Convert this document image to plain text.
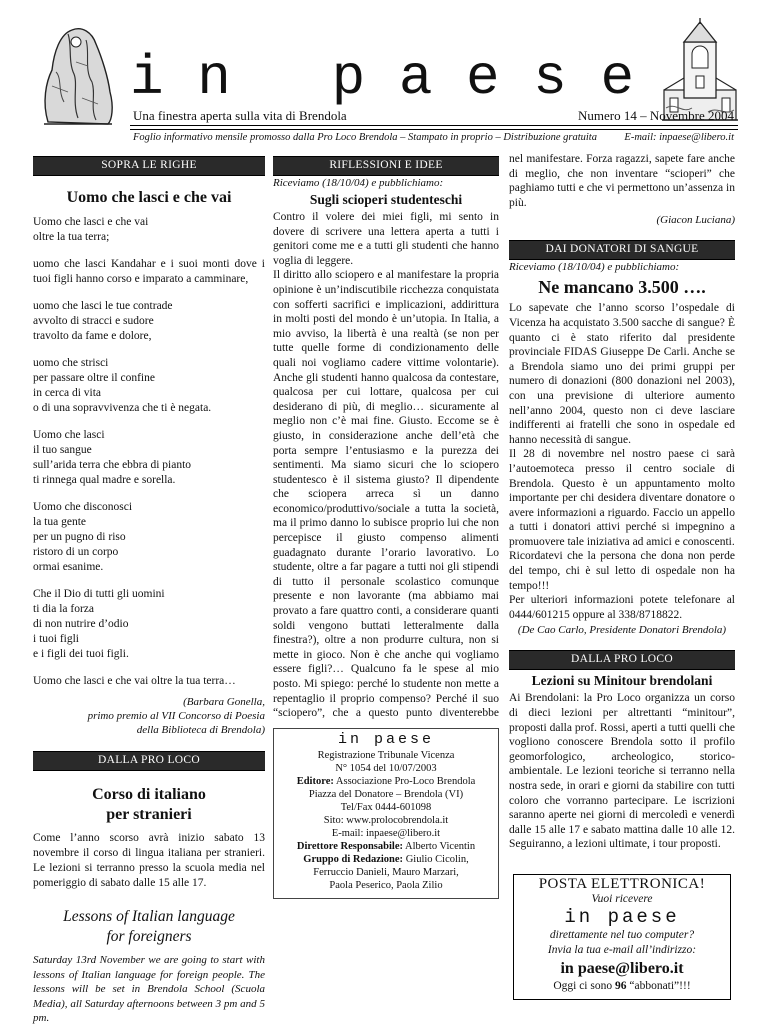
i n   p a e s e
Una finestra aperta sulla vita di Brendola	Numero 14 – Novembre 2004
Foglio informativo mensile promosso dalla Pro Loco Brendola – Stampato in proprio – Distribuzione gratuita	E-mail: inpaese@libero.it
SOPRA LE RIGHE
Uomo che lasci e che vai
Uomo che lasci e che vai
oltre la tua terra;
uomo che lasci Kandahar e i suoi monti dove i tuoi figli hanno corso e imparato a camminare,
uomo che lasci le tue contrade
avvolto di stracci e sudore
travolto da fame e dolore,
uomo che strisci
per passare oltre il confine
in cerca di vita
o di una sopravvivenza che ti è negata.
Uomo che lasci
il tuo sangue
sull’arida terra che ebbra di pianto
ti rinnega qual madre e sorella.
Uomo che disconosci
la tua gente
per un pugno di riso
ristoro di un corpo
ormai esanime.
Che il Dio di tutti gli uomini
ti dia la forza
di non nutrire d’odio
i tuoi figli
e i figli dei tuoi figli.
Uomo che lasci e che vai oltre la tua terra…
(Barbara Gonella,
primo premio al VII Concorso di Poesia
della Biblioteca di Brendola)
DALLA PRO LOCO
Corso di italiano
per stranieri

Come l’anno scorso avrà inizio sabato 13 novembre il corso di lingua italiana per stranieri. Le lezioni si terranno presso la scuola media nel pomeriggio di sabato dalle 15 alle 17.

Lessons of Italian language
for foreigners

Saturday 13rd November we are going to start with lessons of Italian language for foreign people. The lessons will be set in Brendola School (Scuola Media), all Saturday afternoons between 3 pm and 5 pm.

RIFLESSIONI E IDEE
Riceviamo (18/10/04) e pubblichiamo:
Sugli scioperi studenteschi
Contro il volere dei miei figli, mi sento in dovere di scrivere una lettera aperta a tutti i genitori come me e a tutti gli studenti che hanno voglia di leggere.
Il diritto allo sciopero e al manifestare la propria opinione è un’indiscutibile ricchezza conquistata con sofferti sacrifici e implicazioni, addirittura in molti posti del mondo è un’utopia. In Italia, a mio avviso, la libertà è una realtà (se non per tutte quelle forme di condizionamento delle quali noi vogliamo cadere vittime volontarie). Anche gli studenti hanno qualcosa da contestare, qualcosa per cui lottare, qualcosa per cui desiderano di più, di meglio… sicuramente al meglio non c’è mai fine. Giusto. Eccome se è giusto, in considerazione anche dell’età che porta sempre l’entusiasmo e la purezza dei sentimenti. Ma siamo sicuri che lo sciopero studentesco è il sistema giusto? Il dipendente che sciopera arreca sì un danno economico/produttivo/sociale a tutta la società, ma il primo danno lo subisce proprio lui che non percepisce il giusto compenso alimenti guadagnato durante l’orario lavorativo. Lo studente, oltre a far pagare a tutti noi gli stipendi di tutto il personale scolastico comunque presente e non lavorante (ma abbiamo mai provato a fare quattro conti, a considerare quanti soldi vengono buttati letteralmente dalla finestra?), oltre a non produrre cultura, non si mette in gioco. Non è che anche qui vogliamo essere figli?… Qualcuno fa le spese al mio posto. Mi spiego: perché lo studente non mette a repentaglio il proprio compenso? Perché il suo “sciopero”, che a questo punto diventerebbe

in paese
Registrazione Tribunale Vicenza
N° 1054 del 10/07/2003
Editore: Associazione Pro-Loco Brendola
Piazza del Donatore – Brendola (VI)
Tel/Fax 0444-601098
Sito: www.prolocobrendola.it
E-mail: inpaese@libero.it
Direttore Responsabile: Alberto Vicentin
Gruppo di Redazione: Giulio Cicolin,
Ferruccio Danieli, Mauro Marzari,
Paola Peserico, Paola Zilio

nel manifestare. Forza ragazzi, sapete fare anche di meglio, che non inventare “scioperi” che paghiamo tutti e che vi permettono un’assenza in più.

(Giacon Luciana)
DAI DONATORI DI SANGUE
Riceviamo (18/10/04) e pubblichiamo:
Ne mancano 3.500 ….
Lo sapevate che l’anno scorso l’ospedale di Vicenza ha acquistato 3.500 sacche di sangue? È quanto ci è stato riferito dal presidente provinciale FIDAS Giuseppe De Carli. Anche se a Brendola siamo uno dei primi gruppi per numero di donazioni (800 donazioni nel 2003), con una previsione di ulteriore aumento nell’anno 2004, questo non ci deve lasciare indifferenti ai fratelli che sono in ospedale ed hanno necessità di sangue.
Il 28 di novembre nel nostro paese ci sarà l’autoemoteca presso il centro sociale di Brendola. Questo è un appuntamento molto importante per chi desidera diventare donatore o avere informazioni a riguardo. Faccio un appello a tutti i donatori attivi perché si impegnino a promuovere tale iniziativa ad amici e conoscenti.
Ricordatevi che la persona che dona non perde del tempo, chi è sul letto di ospedale non ha tempo!!!
Per ulteriori informazioni potete telefonare al 0444/601215 oppure al 338/8718822.
(De Cao Carlo, Presidente Donatori Brendola)
DALLA PRO LOCO
Lezioni su Minitour brendolani

Ai Brendolani: la Pro Loco organizza un corso di dieci lezioni per altrettanti “minitour”, proposti dalla prof. Rossi, aperti a tutti quelli che vogliono conoscere Brendola sotto il profilo geomorfologico, archeologico, storico-ambientale. Le lezioni teoriche si terranno nella nostra sede, in orari e giorni da stabilire con tutti coloro che vorranno partecipare. Le iscrizioni saranno aperte nei giorni di mercoledì e venerdì dalle 15 alle 17 e sabato mattina dalle 10 alle 12. Seguiranno, a lezioni ultimate, i tour proposti.

POSTA ELETTRONICA!
Vuoi ricevere
in paese
direttamente nel tuo computer?
Invia la tua e-mail all’indirizzo:
in paese@libero.it
Oggi ci sono 96 “abbonati”!!!
